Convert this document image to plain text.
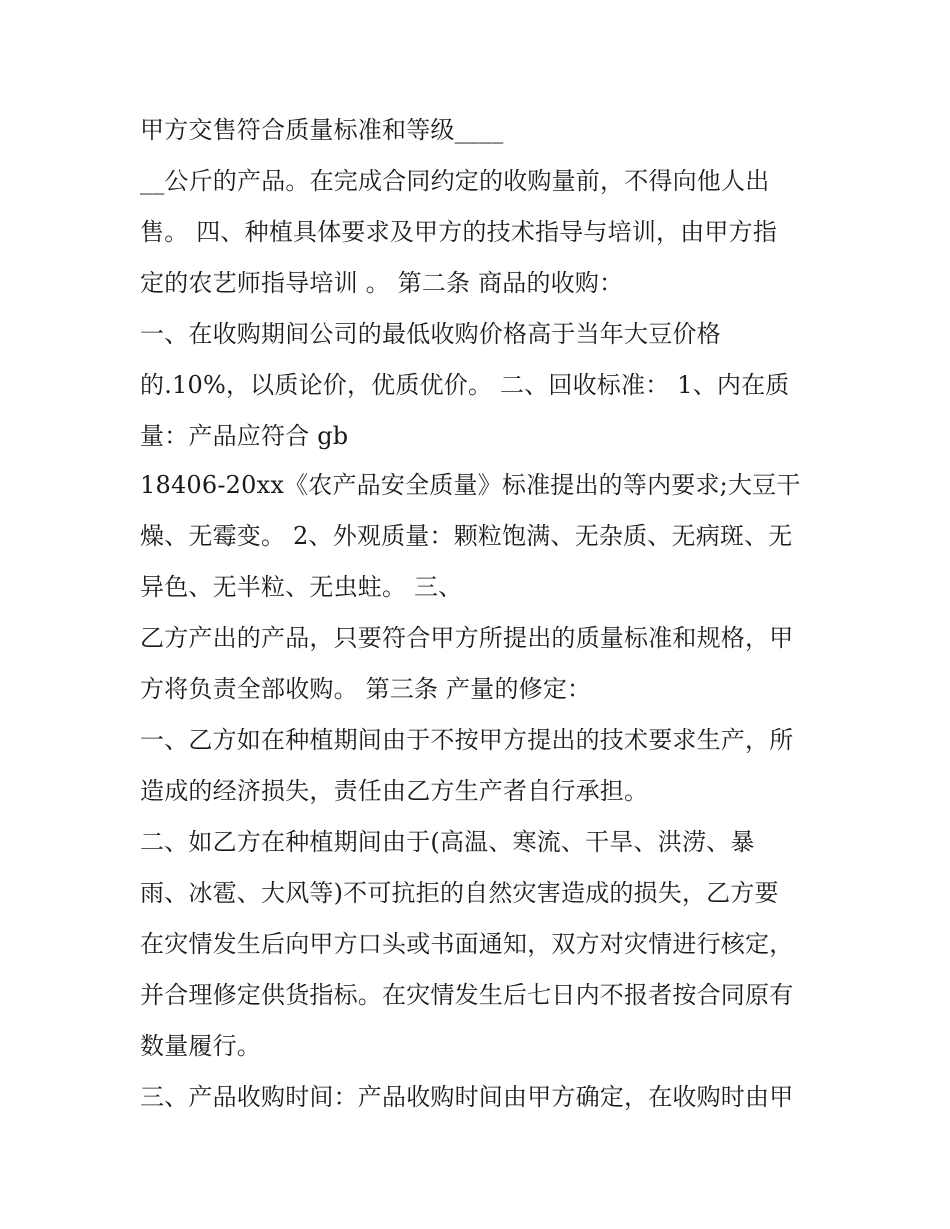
甲方交售符合质量标准和等级____
__公斤的产品。在完成合同约定的收购量前，不得向他人出
售。 四、种植具体要求及甲方的技术指导与培训，由甲方指
定的农艺师指导培训 。 第二条 商品的收购：
一、在收购期间公司的最低收购价格高于当年大豆价格
的.10%，以质论价，优质优价。 二、回收标准： 1、内在质
量：产品应符合 gb
18406-20xx《农产品安全质量》标准提出的等内要求;大豆干
燥、无霉变。 2、外观质量：颗粒饱满、无杂质、无病斑、无
异色、无半粒、无虫蛀。 三、
乙方产出的产品，只要符合甲方所提出的质量标准和规格，甲
方将负责全部收购。 第三条 产量的修定：
一、乙方如在种植期间由于不按甲方提出的技术要求生产，所
造成的经济损失，责任由乙方生产者自行承担。
二、如乙方在种植期间由于(高温、寒流、干旱、洪涝、暴
雨、冰雹、大风等)不可抗拒的自然灾害造成的损失，乙方要
在灾情发生后向甲方口头或书面通知，双方对灾情进行核定，
并合理修定供货指标。在灾情发生后七日内不报者按合同原有
数量履行。
三、产品收购时间：产品收购时间由甲方确定，在收购时由甲
